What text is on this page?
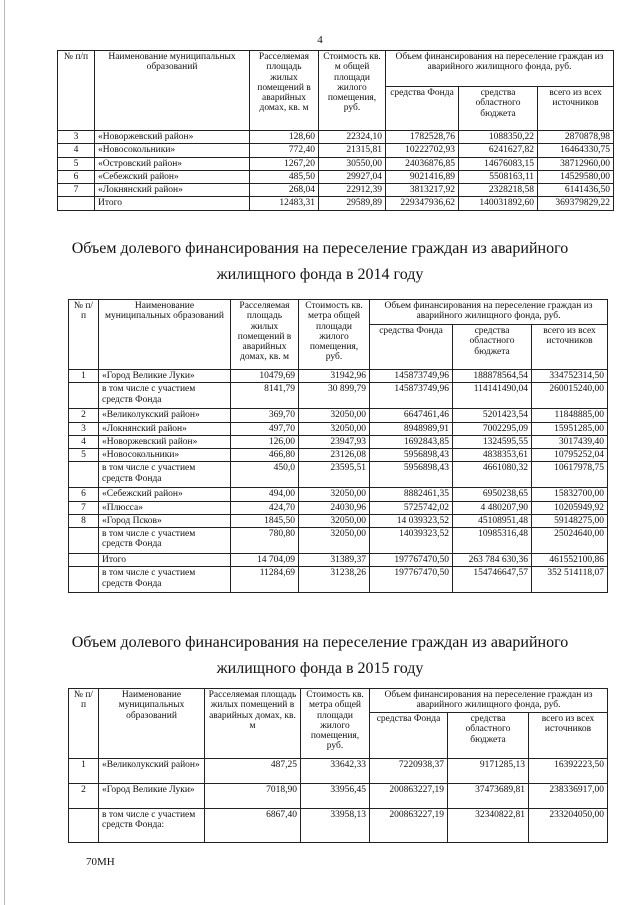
4
№ п/п	Наименование муниципальных образований	Расселяемая площадь жилых помещений в аварийных домах, кв. м	Стоимость кв. м общей площади жилого помещения, руб.	Объем финансирования на переселение граждан из аварийного жилищного фонда, руб.		
				средства Фонда	средства областного бюджета	всего из всех источников
3	«Новоржевский район»	128,60	22324,10	1782528,76	1088350,22	2870878,98
4	«Новосокольники»	772,40	21315,81	10222702,93	6241627,82	16464330,75
5	«Островский район»	1267,20	30550,00	24036876,85	14676083,15	38712960,00
6	«Себежский район»	485,50	29927,04	9021416,89	5508163,11	14529580,00
7	«Локнянский район»	268,04	22912,39	3813217,92	2328218,58	6141436,50
	Итого	12483,31	29589,89	229347936,62	140031892,60	369379829,22
Объем долевого финансирования на переселение граждан из аварийного жилищного фонда в 2014 году
№ п/п	Наименование муниципальных образований	Расселяемая площадь жилых помещений в аварийных домах, кв. м	Стоимость кв. метра общей площади жилого помещения, руб.	Объем финансирования на переселение граждан из аварийного жилищного фонда, руб.		
				средства Фонда	средства областного бюджета	всего из всех источников
1	«Город Великие Луки»	10479,69	31942,96	145873749,96	188878564,54	334752314,50
	в том числе с участием средств Фонда	8141,79	30 899,79	145873749,96	114141490,04	260015240,00
2	«Великолукский район»	369,70	32050,00	6647461,46	5201423,54	11848885,00
3	«Локнянский район»	497,70	32050,00	8948989,91	7002295,09	15951285,00
4	«Новоржевский район»	126,00	23947,93	1692843,85	1324595,55	3017439,40
5	«Новосокольники»	466,80	23126,08	5956898,43	4838353,61	10795252,04
	в том числе с участием средств Фонда	450,0	23595,51	5956898,43	4661080,32	10617978,75
6	«Себежский район»	494,00	32050,00	8882461,35	6950238,65	15832700,00
7	«Плюсса»	424,70	24030,96	5725742,02	4 480207,90	10205949,92
8	«Город Псков»	1845,50	32050,00	14 039323,52	45108951,48	59148275,00
	в том числе с участием средств Фонда	780,80	32050,00	14039323,52	10985316,48	25024640,00
	Итого	14 704,09	31389,37	197767470,50	263 784 630,36	461552100,86
	в том числе с участием средств Фонда	11284,69	31238,26	197767470,50	154746647,57	352 514118,07
Объем долевого финансирования на переселение граждан из аварийного жилищного фонда в 2015 году
№ п/п	Наименование муниципальных образований	Расселяемая площадь жилых помещений в аварийных домах, кв. м	Стоимость кв. метра общей площади жилого помещения, руб.	Объем финансирования на переселение граждан из аварийного жилищного фонда, руб.		
				средства Фонда	средства областного бюджета	всего из всех источников
1	«Великолукский район»	487,25	33642,33	7220938,37	9171285,13	16392223,50
2	«Город Великие Луки»	7018,90	33956,45	200863227,19	37473689,81	238336917,00
	в том числе с участием средств Фонда:	6867,40	33958,13	200863227,19	32340822,81	233204050,00
70МН
